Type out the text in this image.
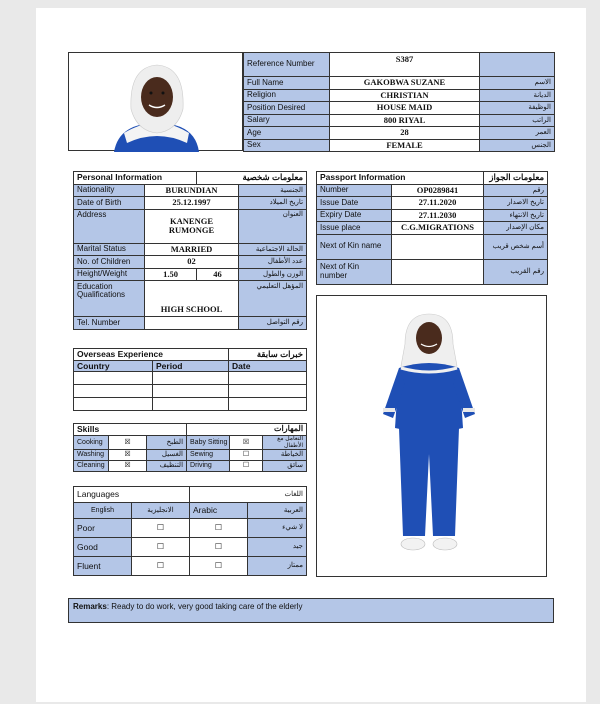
Reference Number	S387	
Full Name	GAKOBWA SUZANE	الاسم
Religion	CHRISTIAN	الديانة
Position Desired	HOUSE MAID	الوظيفة
Salary	800 RIYAL	الراتب
Age	28	العمر
Sex	FEMALE	الجنس
Personal Information		معلومات شخصية	
Nationality	BURUNDIAN		الجنسية
Date of Birth	25.12.1997		تاريخ الميلاد
Address	KANENGE RUMONGE		العنوان
Marital Status	MARRIED		الحالة الاجتماعية
No. of Children	02		عدد الأطفال
Height/Weight	1.50	46	الوزن والطول
Education Qualifications	HIGH SCHOOL		المؤهل التعليمي
Tel. Number			رقم التواصل
Passport Information		معلومات الجواز
Number	OP0289841	رقم
Issue Date	27.11.2020	تاريخ الاصدار
Expiry Date	27.11.2030	تاريخ الانتهاء
Issue place	C.G.MIGRATIONS	مكان الإصدار
Next of Kin name		أسم شخص قريب
Next of Kin number		رقم القريب
Overseas Experience		خبرات سابقة
Country	Period	Date

Skills			المهارات		
Cooking	☒	الطبخ	Baby Sitting	☒	التعامل مع الأطفال
Washing	☒	الغسيل	Sewing	☐	الخياطة
Cleaning	☒	التنظيف	Driving	☐	سائق
Languages		اللغات	
English	الانجليزية	Arabic	العربية
Poor	☐	☐	لا شيء
Good	☐	☐	جيد
Fluent	☐	☐	ممتاز
Remarks: Ready to do work, very good taking care of the elderly
